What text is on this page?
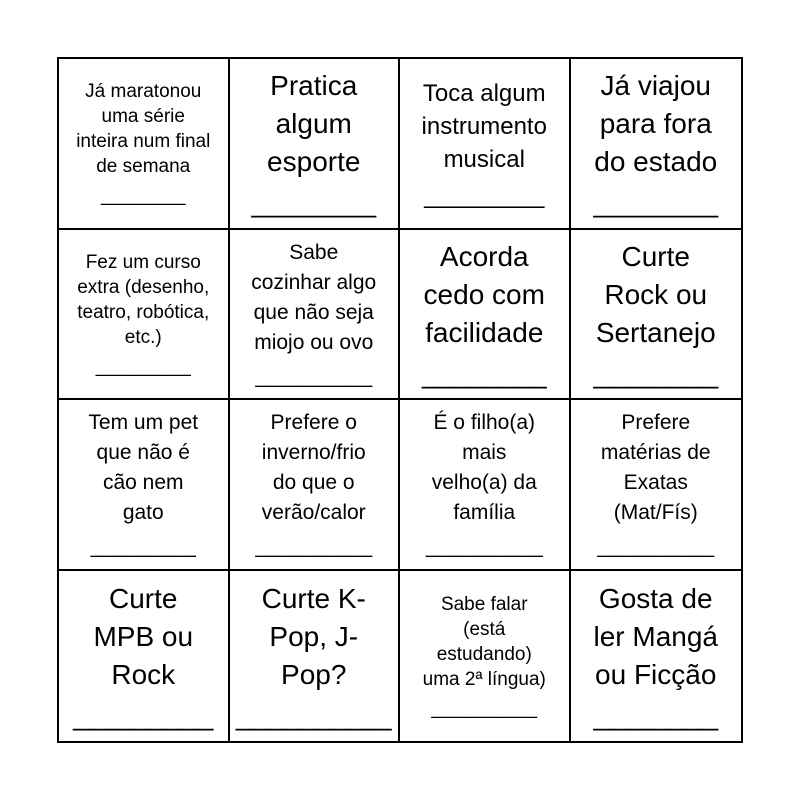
Já maratonou
uma série
inteira num final
de semana
________
Pratica
algum
esporte
________
Toca algum
instrumento
musical
_________
Já viajou
para fora
do estado
________
Fez um curso
extra (desenho,
teatro, robótica,
etc.)
_________
Sabe
cozinhar algo
que não seja
miojo ou ovo
__________
Acorda
cedo com
facilidade
________
Curte
Rock ou
Sertanejo
________
Tem um pet
que não é
cão nem
gato
_________
Prefere o
inverno/frio
do que o
verão/calor
__________
É o filho(a)
mais
velho(a) da
família
__________
Prefere
matérias de
Exatas
(Mat/Fís)
__________
Curte
MPB ou
Rock
_________
Curte K-
Pop, J-
Pop?
__________
Sabe falar
(está
estudando)
uma 2ª língua)
__________
Gosta de
ler Mangá
ou Ficção
________
